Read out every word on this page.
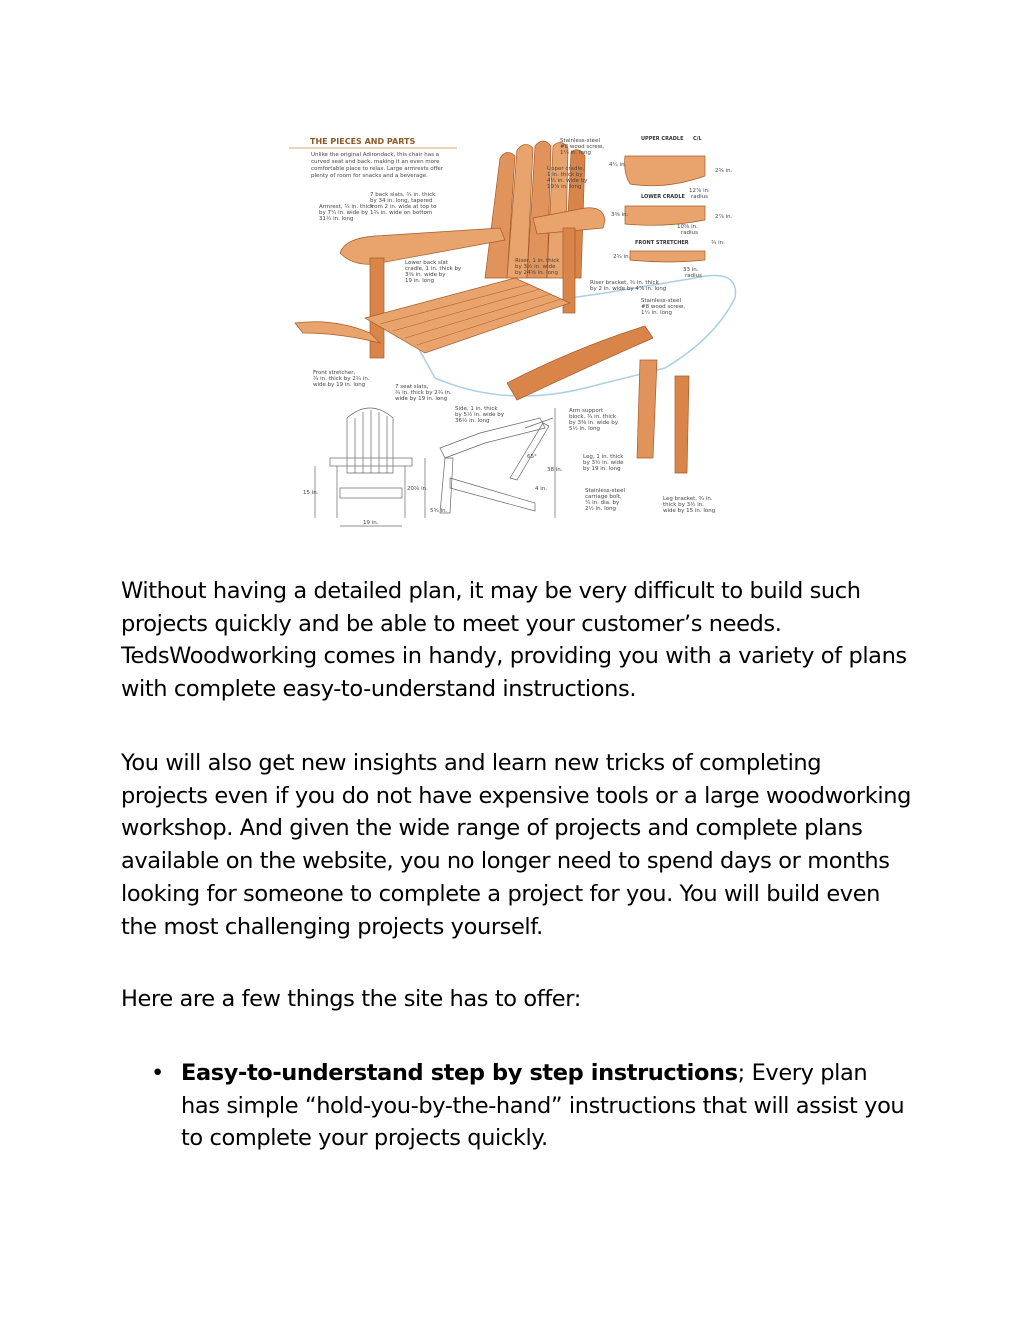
THE PIECES AND PARTS
Unlike the original Adirondack, this chair has a
curved seat and back, making it an even more
comfortable place to relax. Large armrests offer
plenty of room for snacks and a beverage.
UPPER CRADLE C/L
4¼ in.
2¾ in.
12⅞ in.
radius
LOWER CRADLE
3⅜ in.	2⅞ in.
10⅝ in.
radius
FRONT STRETCHER	¾ in.
2¾ in.
33 in.
radius
Stainless-steel
#8 wood screw,
1¼ in. long
Upper cradle,
1 in. thick by
4¼ in. wide by
19⅞ in. long
7 back slats, ¾ in. thick
by 34 in. long, tapered
from 2 in. wide at top to
1¾ in. wide on bottom
Armrest, ¾ in. thick
by 7¼ in. wide by
31½ in. long
Lower back slat
cradle, 1 in. thick by
3⅜ in. wide by
19 in. long
Riser, 1 in. thick
by 3½ in. wide
by 24⅝ in. long
Riser bracket, ¾ in. thick
by 2 in. wide by 4⅞ in. long
Stainless-steel
#8 wood screw,
1¼ in. long
Front stretcher,
¾ in. thick by 2¾ in.
wide by 19 in. long	7 seat slats,
¾ in. thick by 2¾ in.
wide by 19 in. long
Side, 1 in. thick
by 5½ in. wide by
36½ in. long
Arm support
block, ¾ in. thick
by 3⅜ in. wide by
5½ in. long
Leg, 1 in. thick
by 3½ in. wide
by 19 in. long
Stainless-steel
carriage bolt,
¼ in. dia. by
2½ in. long
Leg bracket, ¾ in.
thick by 3½ in.
wide by 15 in. long
15 in.
19 in.
20⅝ in.
38 in.
65°
4 in.
5¾ in.
Without having a detailed plan, it may be very difficult to build such projects quickly and be able to meet your customer’s needs. TedsWoodworking comes in handy, providing you with a variety of plans with complete easy-to-understand instructions.
You will also get new insights and learn new tricks of completing projects even if you do not have expensive tools or a large woodworking workshop. And given the wide range of projects and complete plans available on the website, you no longer need to spend days or months looking for someone to complete a project for you. You will build even the most challenging projects yourself.
Here are a few things the site has to offer:
• Easy-to-understand step by step instructions; Every plan has simple “hold-you-by-the-hand” instructions that will assist you to complete your projects quickly.
